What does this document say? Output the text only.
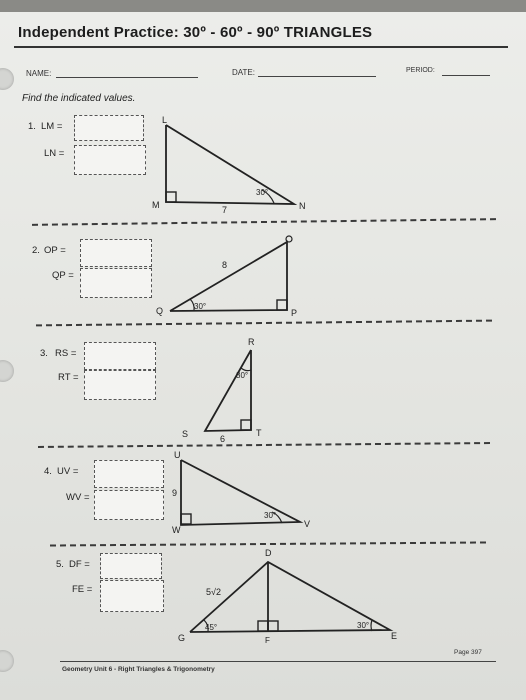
Independent Practice: 30º - 60º - 90º TRIANGLES
NAME:	DATE:	PERIOD:
Find the indicated values.
1. LM =
LN =
2. OP =
QP =
3. RS =
RT =
4. UV =
WV =
5. DF =
FE =
L
M	N
30°
7
Q	P
30°
8
R
S	T
30°
6
U
W
V
30°
9
D
G	F	E
45°	30°
5√2
Geometry Unit 6 - Right Triangles & Trigonometry
Page 397
